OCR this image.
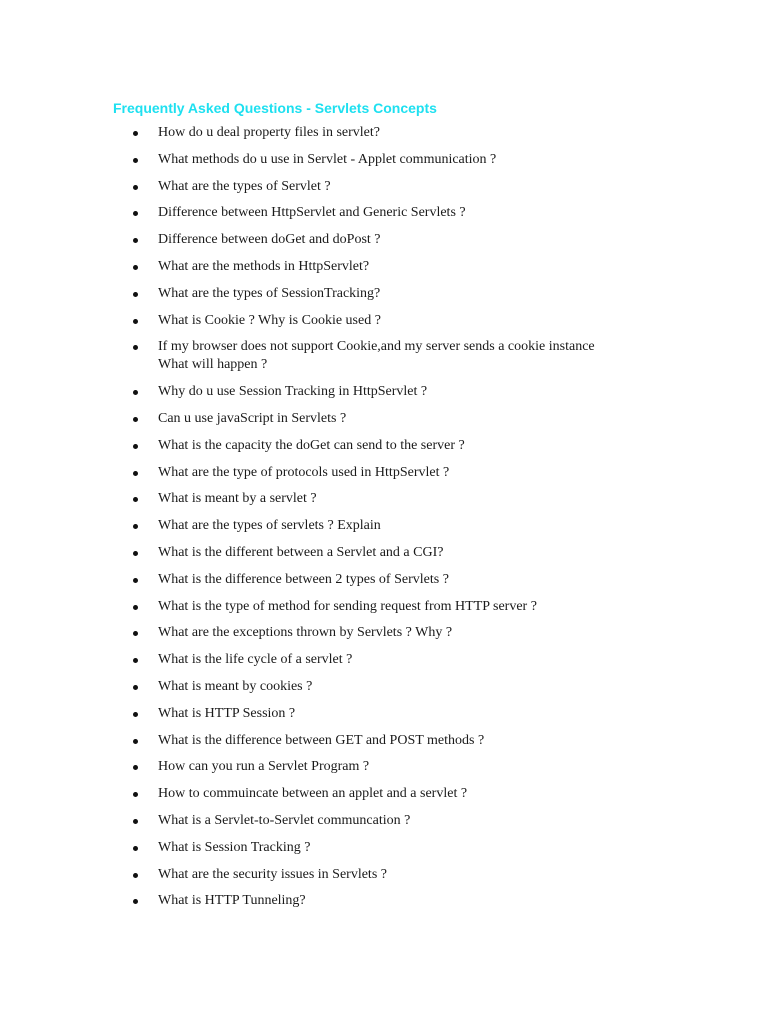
Frequently Asked Questions - Servlets Concepts
How do u deal property files in servlet?
What methods do u use in Servlet - Applet communication ?
What are the types of Servlet ?
Difference between HttpServlet and Generic Servlets ?
Difference between doGet and doPost ?
What are the methods in HttpServlet?
What are the types of SessionTracking?
What is Cookie ? Why is Cookie used ?
If my browser does not support Cookie,and my server sends a cookie instance
What will happen ?
Why do u use Session Tracking in HttpServlet ?
Can u use javaScript in Servlets ?
What is the capacity the doGet can send to the server ?
What are the type of protocols used in HttpServlet ?
What is meant by a servlet ?
What are the types of servlets ? Explain
What is the different between a Servlet and a CGI?
What is the difference between 2 types of Servlets ?
What is the type of method for sending request from HTTP server ?
What are the exceptions thrown by Servlets ? Why ?
What is the life cycle of a servlet ?
What is meant by cookies ?
What is HTTP Session ?
What is the difference between GET and POST methods ?
How can you run a Servlet Program ?
How to commuincate between an applet and a servlet ?
What is a Servlet-to-Servlet communcation ?
What is Session Tracking ?
What are the security issues in Servlets ?
What is HTTP Tunneling?
